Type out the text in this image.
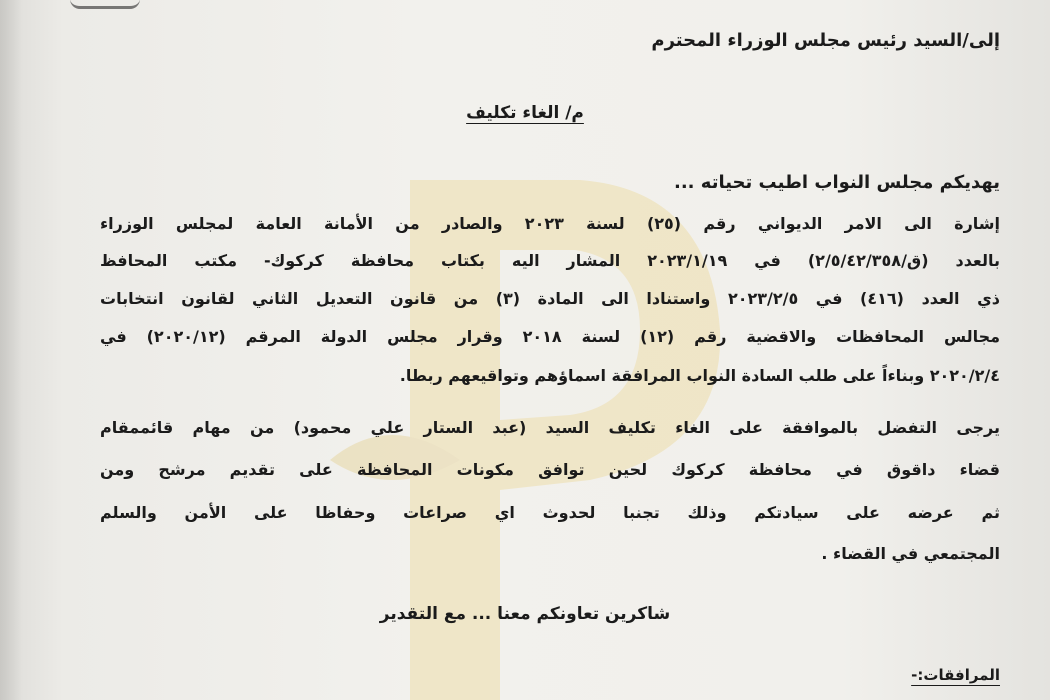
إلى/السيد رئيس مجلس الوزراء المحترم
م/ الغاء تكليف
يهديكم مجلس النواب اطيب تحياته ...
إشارة الى الامر الديواني رقم (٢٥) لسنة ٢٠٢٣ والصادر من الأمانة العامة لمجلس الوزراء
بالعدد (ق/٢/٥/٤٢/٣٥٨) في ٢٠٢٣/١/١٩ المشار اليه بكتاب محافظة كركوك- مكتب المحافظ
ذي العدد (٤١٦) في ٢٠٢٣/٢/٥ واستنادا الى المادة (٣) من قانون التعديل الثاني لقانون انتخابات
مجالس المحافظات والاقضية رقم (١٢) لسنة ٢٠١٨ وقرار مجلس الدولة المرقم (٢٠٢٠/١٢) في
٢٠٢٠/٢/٤ وبناءاً على طلب السادة النواب المرافقة اسماؤهم وتواقيعهم ربطا.
يرجى التفضل بالموافقة على الغاء تكليف السيد (عبد الستار علي محمود) من مهام قائممقام
قضاء داقوق في محافظة كركوك لحين توافق مكونات المحافظة على تقديم مرشح ومن
ثم عرضه على سيادتكم وذلك تجنبا لحدوث اي صراعات وحفاظا على الأمن والسلم
المجتمعي في القضاء .
شاكرين تعاونكم معنا ... مع التقدير
المرافقات:-
